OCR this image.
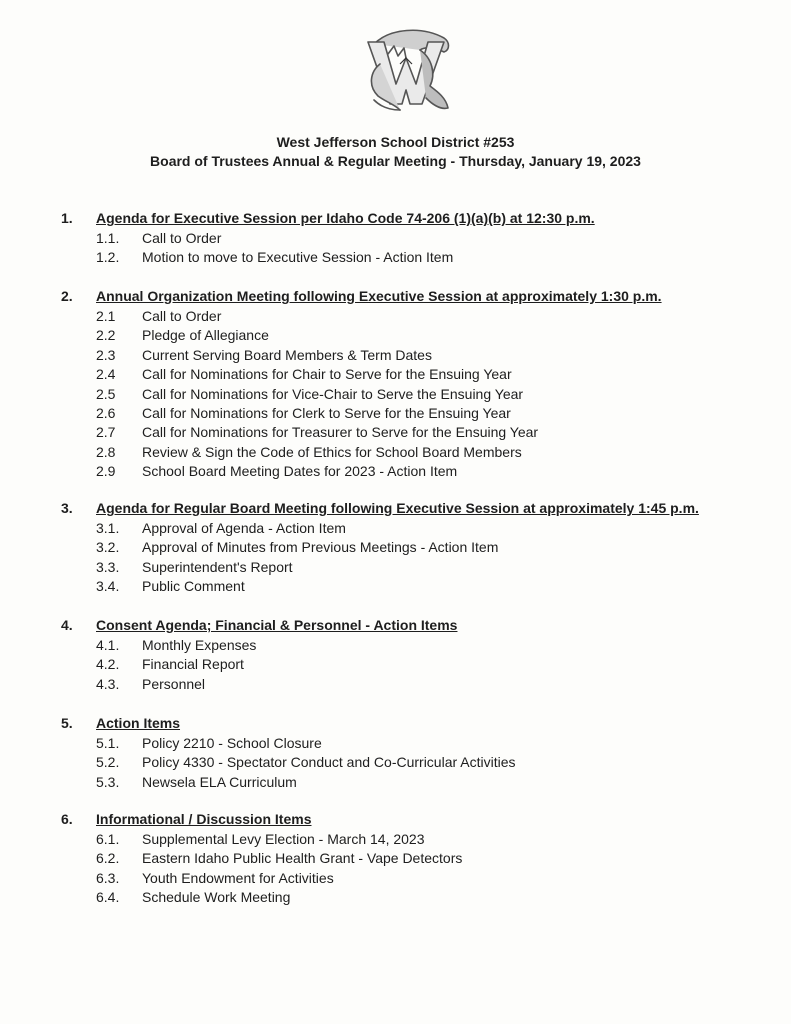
West Jefferson School District #253
Board of Trustees Annual & Regular Meeting - Thursday, January 19, 2023
1. Agenda for Executive Session per Idaho Code 74-206 (1)(a)(b) at 12:30 p.m.
1.1. Call to Order
1.2. Motion to move to Executive Session - Action Item
2. Annual Organization Meeting following Executive Session at approximately 1:30 p.m.
2.1 Call to Order
2.2 Pledge of Allegiance
2.3 Current Serving Board Members & Term Dates
2.4 Call for Nominations for Chair to Serve for the Ensuing Year
2.5 Call for Nominations for Vice-Chair to Serve the Ensuing Year
2.6 Call for Nominations for Clerk to Serve for the Ensuing Year
2.7 Call for Nominations for Treasurer to Serve for the Ensuing Year
2.8 Review & Sign the Code of Ethics for School Board Members
2.9 School Board Meeting Dates for 2023 - Action Item
3. Agenda for Regular Board Meeting following Executive Session at approximately 1:45 p.m.
3.1. Approval of Agenda - Action Item
3.2. Approval of Minutes from Previous Meetings - Action Item
3.3. Superintendent's Report
3.4. Public Comment
4. Consent Agenda; Financial & Personnel - Action Items
4.1. Monthly Expenses
4.2. Financial Report
4.3. Personnel
5. Action Items
5.1. Policy 2210 - School Closure
5.2. Policy 4330 - Spectator Conduct and Co-Curricular Activities
5.3. Newsela ELA Curriculum
6. Informational / Discussion Items
6.1. Supplemental Levy Election - March 14, 2023
6.2. Eastern Idaho Public Health Grant - Vape Detectors
6.3. Youth Endowment for Activities
6.4. Schedule Work Meeting
